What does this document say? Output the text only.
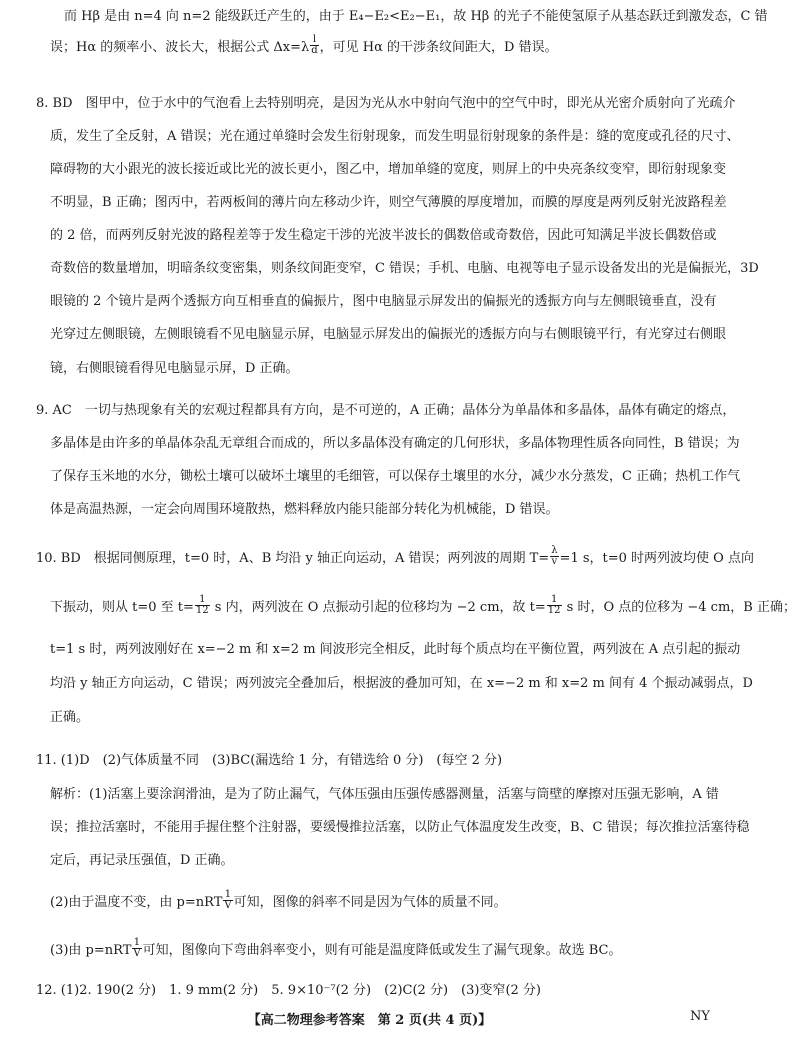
而 Hβ 是由 n=4 向 n=2 能级跃迁产生的，由于 E₄−E₂<E₂−E₁，故 Hβ 的光子不能使氢原子从基态跃迁到激发态，C 错
误；Hα 的频率小、波长大，根据公式 $\Delta x=\lambda \frac{l}{d}$ ，可见 Hα 的干涉条纹间距大，D 错误。
8. BD　图甲中，位于水中的气泡看上去特别明亮，是因为光从水中射向气泡中的空气中时，即光从光密介质射向了光疏介
质，发生了全反射，A 错误；光在通过单缝时会发生衍射现象，而发生明显衍射现象的条件是：缝的宽度或孔径的尺寸、
障碍物的大小跟光的波长接近或比光的波长更小，图乙中，增加单缝的宽度，则屏上的中央亮条纹变窄，即衍射现象变
不明显，B 正确；图丙中，若两板间的薄片向左移动少许，则空气薄膜的厚度增加，而膜的厚度是两列反射光波路程差
的 2 倍，而两列反射光波的路程差等于发生稳定干涉的光波半波长的偶数倍或奇数倍，因此可知满足半波长偶数倍或
奇数倍的数量增加，明暗条纹变密集，则条纹间距变窄，C 错误；手机、电脑、电视等电子显示设备发出的光是偏振光，3D
眼镜的 2 个镜片是两个透振方向互相垂直的偏振片，图中电脑显示屏发出的偏振光的透振方向与左侧眼镜垂直，没有
光穿过左侧眼镜，左侧眼镜看不见电脑显示屏，电脑显示屏发出的偏振光的透振方向与右侧眼镜平行，有光穿过右侧眼
镜，右侧眼镜看得见电脑显示屏，D 正确。
9. AC　一切与热现象有关的宏观过程都具有方向，是不可逆的，A 正确；晶体分为单晶体和多晶体，晶体有确定的熔点，
多晶体是由许多的单晶体杂乱无章组合而成的，所以多晶体没有确定的几何形状，多晶体物理性质各向同性，B 错误；为
了保存玉米地的水分，锄松土壤可以破坏土壤里的毛细管，可以保存土壤里的水分，减少水分蒸发，C 正确；热机工作气
体是高温热源，一定会向周围环境散热，燃料释放内能只能部分转化为机械能，D 错误。
10. BD　根据同侧原理，t=0 时，A、B 均沿 y 轴正向运动，A 错误；两列波的周期 $T= \frac{\lambda}{v} =1$ s，t=0 时两列波均使 O 点向
下振动，则从 t=0 至 $t= \frac{1}{12}$ s 内，两列波在 O 点振动引起的位移均为 −2 cm，故 $t= \frac{1}{12}$ s 时，O 点的位移为 −4 cm，B 正确；
t=1 s 时，两列波刚好在 x=−2 m 和 x=2 m 间波形完全相反，此时每个质点均在平衡位置，两列波在 A 点引起的振动
均沿 y 轴正方向运动，C 错误；两列波完全叠加后，根据波的叠加可知，在 x=−2 m 和 x=2 m 间有 4 个振动减弱点，D
正确。
11. (1)D　(2)气体质量不同　(3)BC(漏选给 1 分，有错选给 0 分)　(每空 2 分)
解析：(1)活塞上要涂润滑油，是为了防止漏气，气体压强由压强传感器测量，活塞与筒壁的摩擦对压强无影响，A 错
误；推拉活塞时，不能用手握住整个注射器，要缓慢推拉活塞，以防止气体温度发生改变，B、C 错误；每次推拉活塞待稳
定后，再记录压强值，D 正确。
(2)由于温度不变，由 $p=nRT \frac{1}{V}$ 可知，图像的斜率不同是因为气体的质量不同。
(3)由 $p=nRT \frac{1}{V}$ 可知，图像向下弯曲斜率变小，则有可能是温度降低或发生了漏气现象。故选 BC。
12. (1)2. 190(2 分)　1. 9 mm(2 分)　5. 9×10⁻⁷(2 分)　(2)C(2 分)　(3)变窄(2 分)
【高二物理参考答案　第 2 页(共 4 页)】	NY
